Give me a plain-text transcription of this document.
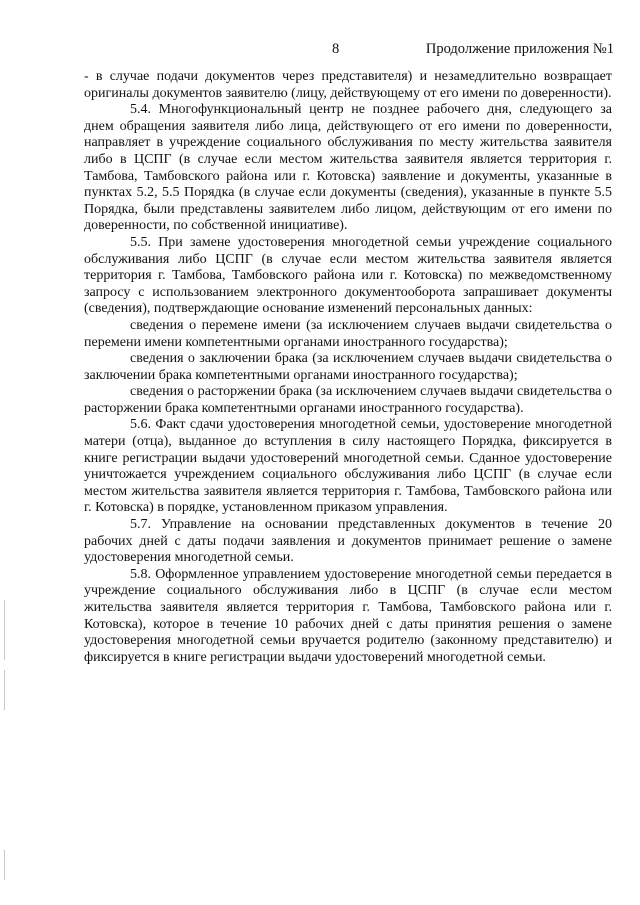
8	Продолжение приложения №1

- в случае подачи документов через представителя) и незамедлительно возвращает оригиналы документов заявителю (лицу, действующему от его имени по доверенности).

5.4. Многофункциональный центр не позднее рабочего дня, следующего за днем обращения заявителя либо лица, действующего от его имени по доверенности, направляет в учреждение социального обслуживания по месту жительства заявителя либо в ЦСПГ (в случае если местом жительства заявителя является территория г. Тамбова, Тамбовского района или г. Котовска) заявление и документы, указанные в пунктах 5.2, 5.5 Порядка (в случае если документы (сведения), указанные в пункте 5.5 Порядка, были представлены заявителем либо лицом, действующим от его имени по доверенности, по собственной инициативе).

5.5. При замене удостоверения многодетной семьи учреждение социального обслуживания либо ЦСПГ (в случае если местом жительства заявителя является территория г. Тамбова, Тамбовского района или г. Котовска) по межведомственному запросу с использованием электронного документооборота запрашивает документы (сведения), подтверждающие основание изменений персональных данных:

сведения о перемене имени (за исключением случаев выдачи свидетельства о перемени имени компетентными органами иностранного государства);

сведения о заключении брака (за исключением случаев выдачи свидетельства о заключении брака компетентными органами иностранного государства);

сведения о расторжении брака (за исключением случаев выдачи свидетельства о расторжении брака компетентными органами иностранного государства).

5.6. Факт сдачи удостоверения многодетной семьи, удостоверение многодетной матери (отца), выданное до вступления в силу настоящего Порядка, фиксируется в книге регистрации выдачи удостоверений многодетной семьи. Сданное удостоверение уничтожается учреждением социального обслуживания либо ЦСПГ (в случае если местом жительства заявителя является территория г. Тамбова, Тамбовского района или г. Котовска) в порядке, установленном приказом управления.

5.7. Управление на основании представленных документов в течение 20 рабочих дней с даты подачи заявления и документов принимает решение о замене удостоверения многодетной семьи.

5.8. Оформленное управлением удостоверение многодетной семьи передается в учреждение социального обслуживания либо в ЦСПГ (в случае если местом жительства заявителя является территория г. Тамбова, Тамбовского района или г. Котовска), которое в течение 10 рабочих дней с даты принятия решения о замене удостоверения многодетной семьи вручается родителю (законному представителю) и фиксируется в книге регистрации выдачи удостоверений многодетной семьи.
